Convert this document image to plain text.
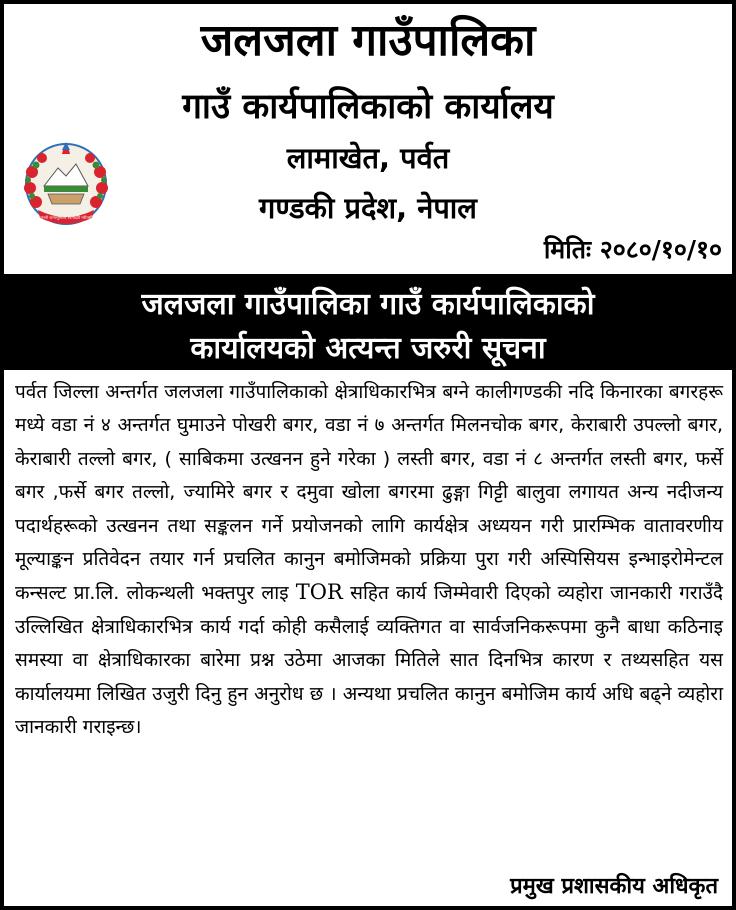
जलजला गाउँपालिका
गाउँ कार्यपालिकाको कार्यालय
लामाखेत, पर्वत
गण्डकी प्रदेश, नेपाल
मितिः २०८०/१०/१०
जननी जन्मभूमिश्च स्वर्गादपि गरीयसी
जलजला गाउँपालिका गाउँ कार्यपालिकाको
कार्यालयको अत्यन्त जरुरी सूचना
पर्वत जिल्ला अन्तर्गत जलजला गाउँपालिकाको क्षेत्राधिकारभित्र बग्ने कालीगण्डकी नदि किनारका बगरहरू मध्ये वडा नं ४ अन्तर्गत घुमाउने पोखरी बगर, वडा नं ७ अन्तर्गत मिलनचोक बगर, केराबारी उपल्लो बगर, केराबारी तल्लो बगर, ( साबिकमा उत्खनन हुने गरेका ) लस्ती बगर, वडा नं ८ अन्तर्गत लस्ती बगर, फर्से बगर ,फर्से बगर तल्लो, ज्यामिरे बगर र दमुवा खोला बगरमा ढुङ्गा गिट्टी बालुवा लगायत अन्य नदीजन्य पदार्थहरूको उत्खनन तथा सङ्कलन गर्ने प्रयोजनको लागि कार्यक्षेत्र अध्ययन गरी प्रारम्भिक वातावरणीय मूल्याङ्कन प्रतिवेदन तयार गर्न प्रचलित कानुन बमोजिमको प्रक्रिया पुरा गरी अस्पिसियस इन्भाइरोमेन्टल कन्सल्ट प्रा.लि. लोकन्थली भक्तपुर लाइ TOR सहित कार्य जिम्मेवारी दिएको व्यहोरा जानकारी गराउँदै उल्लिखित क्षेत्राधिकारभित्र कार्य गर्दा कोही कसैलाई व्यक्तिगत वा सार्वजनिकरूपमा कुनै बाधा कठिनाइ समस्या वा क्षेत्राधिकारका बारेमा प्रश्न उठेमा आजका मितिले सात दिनभित्र कारण र तथ्यसहित यस कार्यालयमा लिखित उजुरी दिनु हुन अनुरोध छ । अन्यथा प्रचलित कानुन बमोजिम कार्य अधि बढ्ने व्यहोरा जानकारी गराइन्छ।
प्रमुख प्रशासकीय अधिकृत
